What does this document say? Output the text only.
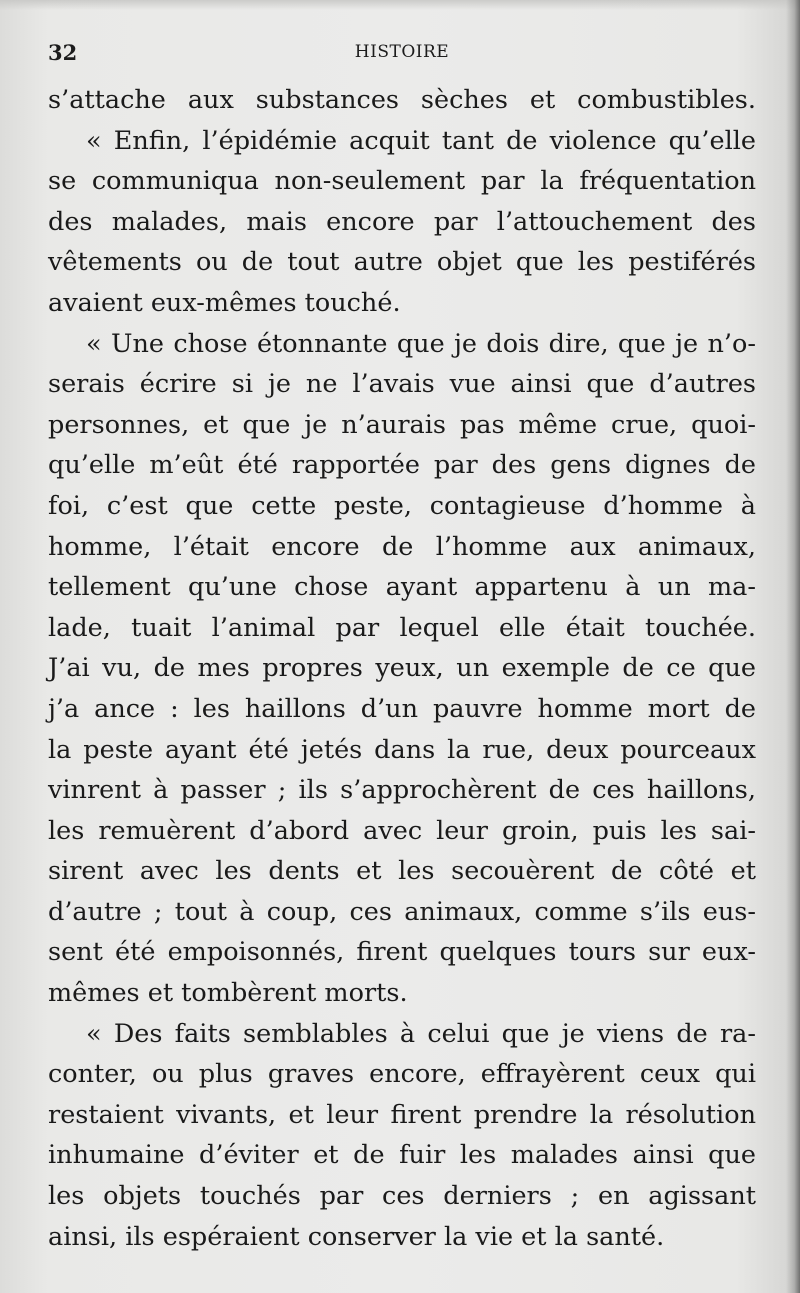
32	HISTOIRE
s’attache aux substances sèches et combustibles.
« Enfin, l’épidémie acquit tant de violence qu’elle
se communiqua non-seulement par la fréquentation
des malades, mais encore par l’attouchement des
vêtements ou de tout autre objet que les pestiférés
avaient eux-mêmes touché.
« Une chose étonnante que je dois dire, que je n’o-
serais écrire si je ne l’avais vue ainsi que d’autres
personnes, et que je n’aurais pas même crue, quoi-
qu’elle m’eût été rapportée par des gens dignes de
foi, c’est que cette peste, contagieuse d’homme à
homme, l’était encore de l’homme aux animaux,
tellement qu’une chose ayant appartenu à un ma-
lade, tuait l’animal par lequel elle était touchée.
J’ai vu, de mes propres yeux, un exemple de ce que
j’a ance : les haillons d’un pauvre homme mort de
la peste ayant été jetés dans la rue, deux pourceaux
vinrent à passer ; ils s’approchèrent de ces haillons,
les remuèrent d’abord avec leur groin, puis les sai-
sirent avec les dents et les secouèrent de côté et
d’autre ; tout à coup, ces animaux, comme s’ils eus-
sent été empoisonnés, firent quelques tours sur eux-
mêmes et tombèrent morts.
« Des faits semblables à celui que je viens de ra-
conter, ou plus graves encore, effrayèrent ceux qui
restaient vivants, et leur firent prendre la résolution
inhumaine d’éviter et de fuir les malades ainsi que
les objets touchés par ces derniers ; en agissant
ainsi, ils espéraient conserver la vie et la santé.
